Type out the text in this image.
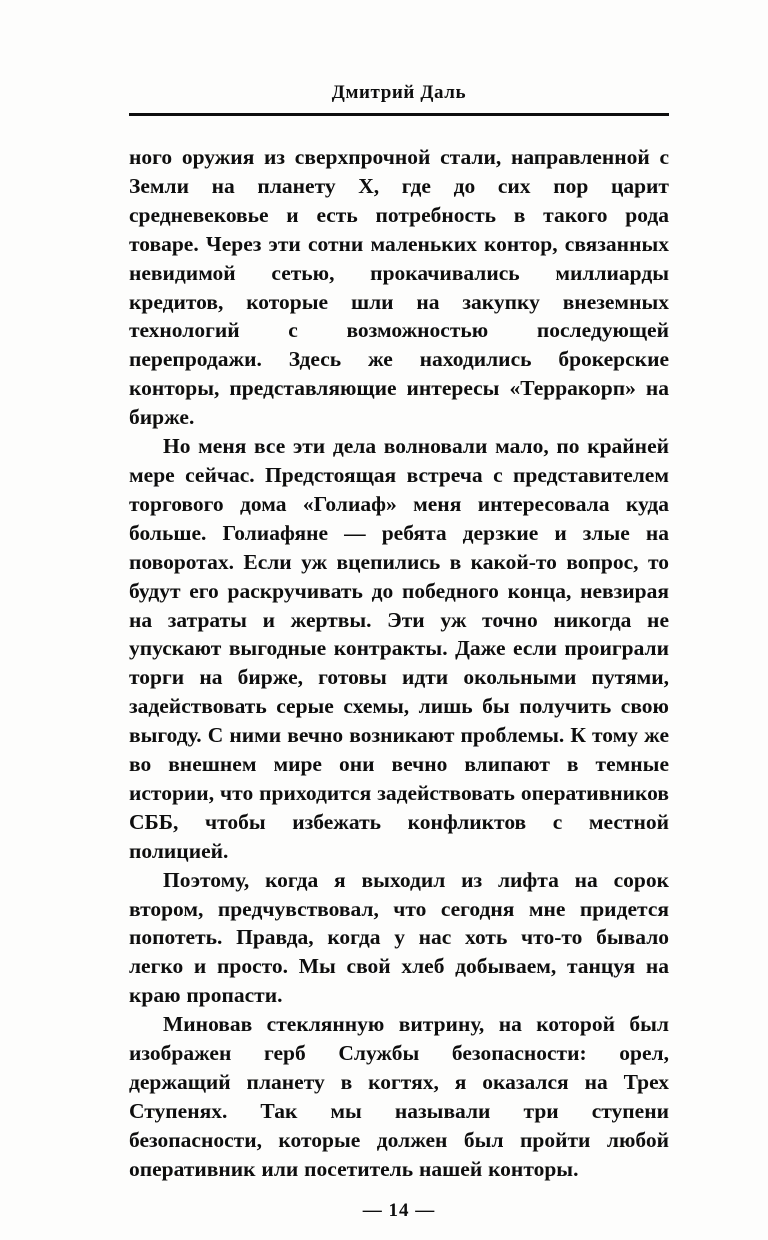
Дмитрий Даль

ного оружия из сверхпрочной стали, направленной с Земли на планету Х, где до сих пор царит средневековье и есть потребность в такого рода товаре. Через эти сотни маленьких контор, связанных невидимой сетью, прокачивались миллиарды кредитов, которые шли на закупку внеземных технологий с возможностью последующей перепродажи. Здесь же находились брокерские конторы, представляющие интересы «Терракорп» на бирже.

Но меня все эти дела волновали мало, по крайней мере сейчас. Предстоящая встреча с представителем торгового дома «Голиаф» меня интересовала куда больше. Голиафяне — ребята дерзкие и злые на поворотах. Если уж вцепились в какой-то вопрос, то будут его раскручивать до победного конца, невзирая на затраты и жертвы. Эти уж точно никогда не упускают выгодные контракты. Даже если проиграли торги на бирже, готовы идти окольными путями, задействовать серые схемы, лишь бы получить свою выгоду. С ними вечно возникают проблемы. К тому же во внешнем мире они вечно влипают в темные истории, что приходится задействовать оперативников СББ, чтобы избежать конфликтов с местной полицией.

Поэтому, когда я выходил из лифта на сорок втором, предчувствовал, что сегодня мне придется попотеть. Правда, когда у нас хоть что-то бывало легко и просто. Мы свой хлеб добываем, танцуя на краю пропасти.

Миновав стеклянную витрину, на которой был изображен герб Службы безопасности: орел, держащий планету в когтях, я оказался на Трех Ступенях. Так мы называли три ступени безопасности, которые должен был пройти любой оперативник или посетитель нашей конторы.

— 14 —
